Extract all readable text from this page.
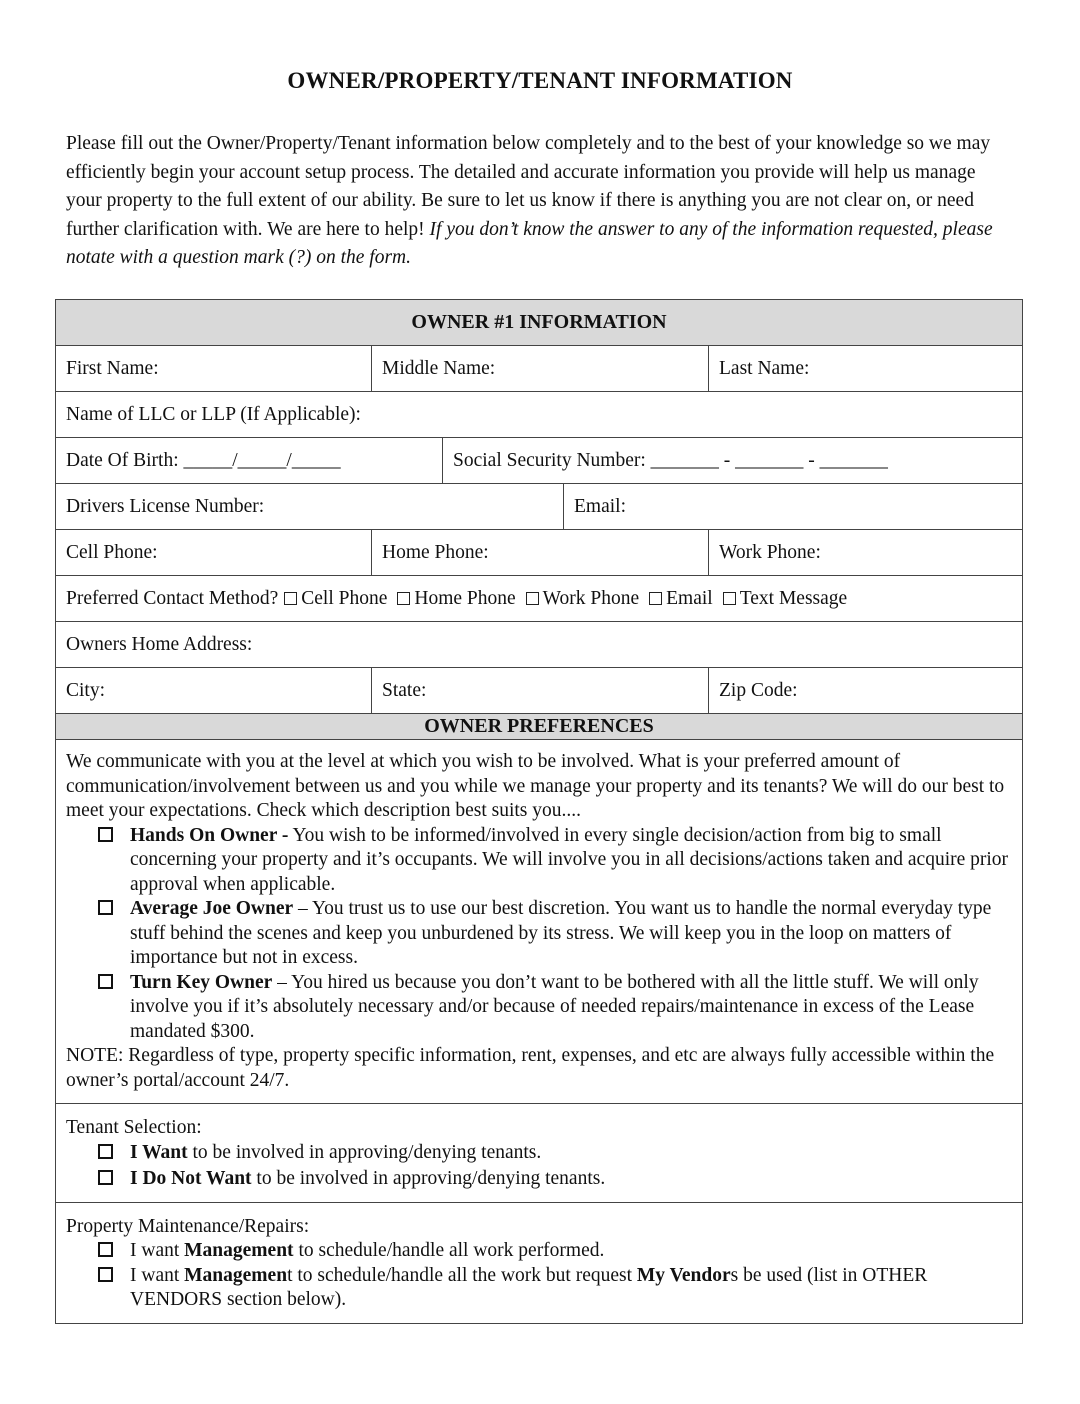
OWNER/PROPERTY/TENANT INFORMATION
Please fill out the Owner/Property/Tenant information below completely and to the best of your knowledge so we may efficiently begin your account setup process. The detailed and accurate information you provide will help us manage your property to the full extent of our ability. Be sure to let us know if there is anything you are not clear on, or need further clarification with. We are here to help! If you don’t know the answer to any of the information requested, please notate with a question mark (?) on the form.
OWNER #1 INFORMATION
First Name:	Middle Name:	Last Name:
Name of LLC or LLP (If Applicable):
Date Of Birth: _____/_____/_____	Social Security Number: _______ - _______ - _______
Drivers License Number:	Email:
Cell Phone:	Home Phone:	Work Phone:
Preferred Contact Method? Cell Phone Home Phone Work Phone Email Text Message
Owners Home Address:
City:	State:	Zip Code:
OWNER PREFERENCES
We communicate with you at the level at which you wish to be involved. What is your preferred amount of communication/involvement between us and you while we manage your property and its tenants? We will do our best to meet your expectations. Check which description best suits you....
Hands On Owner - You wish to be informed/involved in every single decision/action from big to small concerning your property and it’s occupants. We will involve you in all decisions/actions taken and acquire prior approval when applicable.
Average Joe Owner – You trust us to use our best discretion. You want us to handle the normal everyday type stuff behind the scenes and keep you unburdened by its stress. We will keep you in the loop on matters of importance but not in excess.
Turn Key Owner – You hired us because you don’t want to be bothered with all the little stuff. We will only involve you if it’s absolutely necessary and/or because of needed repairs/maintenance in excess of the Lease mandated $300.
NOTE: Regardless of type, property specific information, rent, expenses, and etc are always fully accessible within the owner’s portal/account 24/7.
Tenant Selection:
I Want to be involved in approving/denying tenants.
I Do Not Want to be involved in approving/denying tenants.
Property Maintenance/Repairs:
I want Management to schedule/handle all work performed.
I want Management to schedule/handle all the work but request My Vendors be used (list in OTHER VENDORS section below).
